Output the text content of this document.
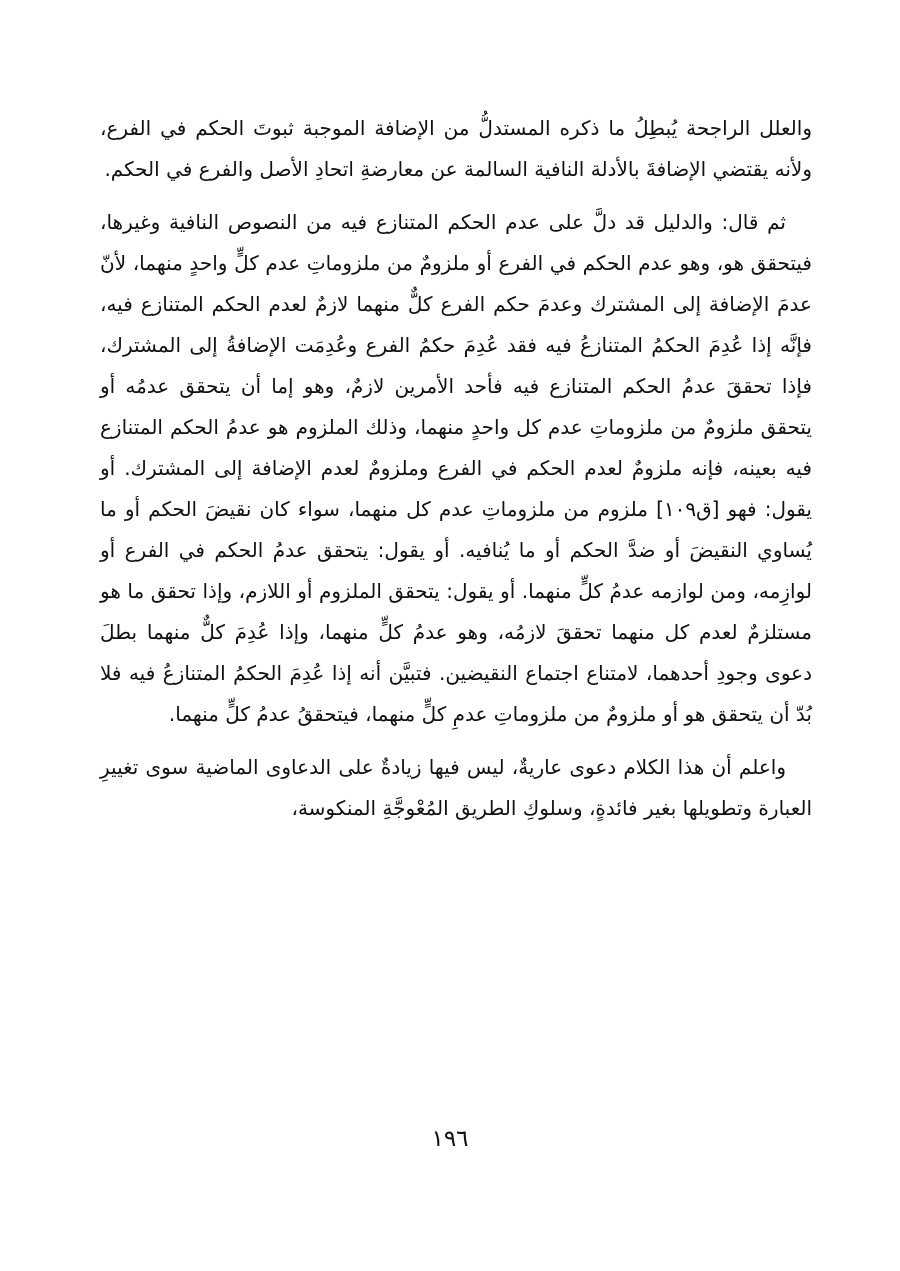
والعلل الراجحة يُبطِلُ ما ذكره المستدلُّ من الإضافة الموجبة ثبوتَ الحكم في الفرع، ولأنه يقتضي الإضافةَ بالأدلة النافية السالمة عن معارضةِ اتحادِ الأصل والفرع في الحكم.

ثم قال: والدليل قد دلَّ على عدم الحكم المتنازع فيه من النصوص النافية وغيرها، فيتحقق هو، وهو عدم الحكم في الفرع أو ملزومٌ من ملزوماتِ عدم كلٍّ واحدٍ منهما، لأنّ عدمَ الإضافة إلى المشترك وعدمَ حكم الفرع كلٌّ منهما لازمٌ لعدم الحكم المتنازع فيه، فإنَّه إذا عُدِمَ الحكمُ المتنازعُ فيه فقد عُدِمَ حكمُ الفرع وعُدِمَت الإضافةُ إلى المشترك، فإذا تحققَ عدمُ الحكم المتنازع فيه فأحد الأمرين لازمٌ، وهو إما أن يتحقق عدمُه أو يتحقق ملزومٌ من ملزوماتِ عدم كل واحدٍ منهما، وذلك الملزوم هو عدمُ الحكم المتنازع فيه بعينه، فإنه ملزومٌ لعدم الحكم في الفرع وملزومٌ لعدم الإضافة إلى المشترك. أو يقول: فهو [ق١٠٩] ملزوم من ملزوماتِ عدم كل منهما، سواء كان نقيضَ الحكم أو ما يُساوي النقيضَ أو ضدَّ الحكم أو ما يُنافيه. أو يقول: يتحقق عدمُ الحكم في الفرع أو لوازِمه، ومن لوازمه عدمُ كلٍّ منهما. أو يقول: يتحقق الملزوم أو اللازم، وإذا تحقق ما هو مستلزمٌ لعدم كل منهما تحققَ لازمُه، وهو عدمُ كلٍّ منهما، وإذا عُدِمَ كلٌّ منهما بطلَ دعوى وجودِ أحدهما، لامتناع اجتماع النقيضين. فتبيَّن أنه إذا عُدِمَ الحكمُ المتنازعُ فيه فلا بُدّ أن يتحقق هو أو ملزومٌ من ملزوماتِ عدمِ كلٍّ منهما، فيتحققُ عدمُ كلٍّ منهما.

واعلم أن هذا الكلام دعوى عاريةٌ، ليس فيها زيادةٌ على الدعاوى الماضية سوى تغييرِ العبارة وتطويلها بغير فائدةٍ، وسلوكِ الطريق المُعْوجَّةِ المنكوسة،

١٩٦
